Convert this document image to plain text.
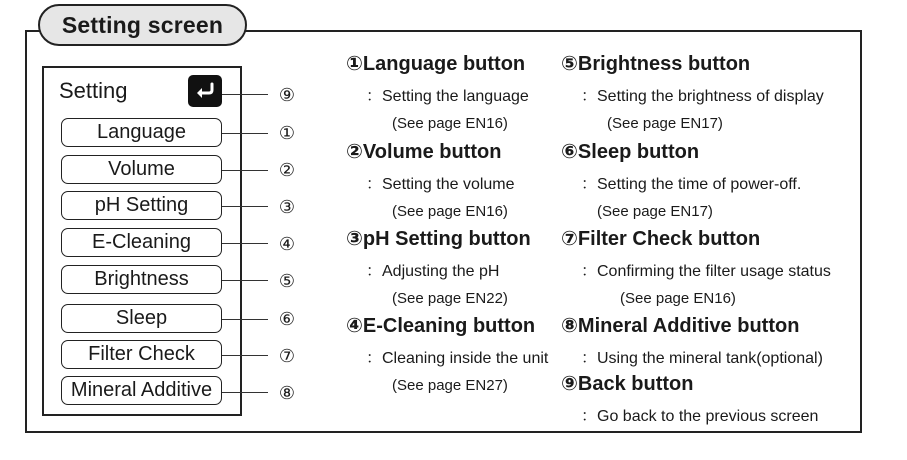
Setting screen
Setting
Language
Volume
pH Setting
E-Cleaning
Brightness
Sleep
Filter Check
Mineral Additive
⑨
①
②
③
④
⑤
⑥
⑦
⑧
①Language button
：Setting the language
(See page EN16)
②Volume button
：Setting the volume
(See page EN16)
③pH Setting button
：Adjusting the pH
(See page EN22)
④E-Cleaning button
：Cleaning inside the unit
(See page EN27)
⑤Brightness button
：Setting the brightness of display
(See page EN17)
⑥Sleep button
：Setting the time of power-off.
(See page EN17)
⑦Filter Check button
：Confirming the filter usage status
(See page EN16)
⑧Mineral Additive button
：Using the mineral tank(optional)
⑨Back button
：Go back to the previous screen
